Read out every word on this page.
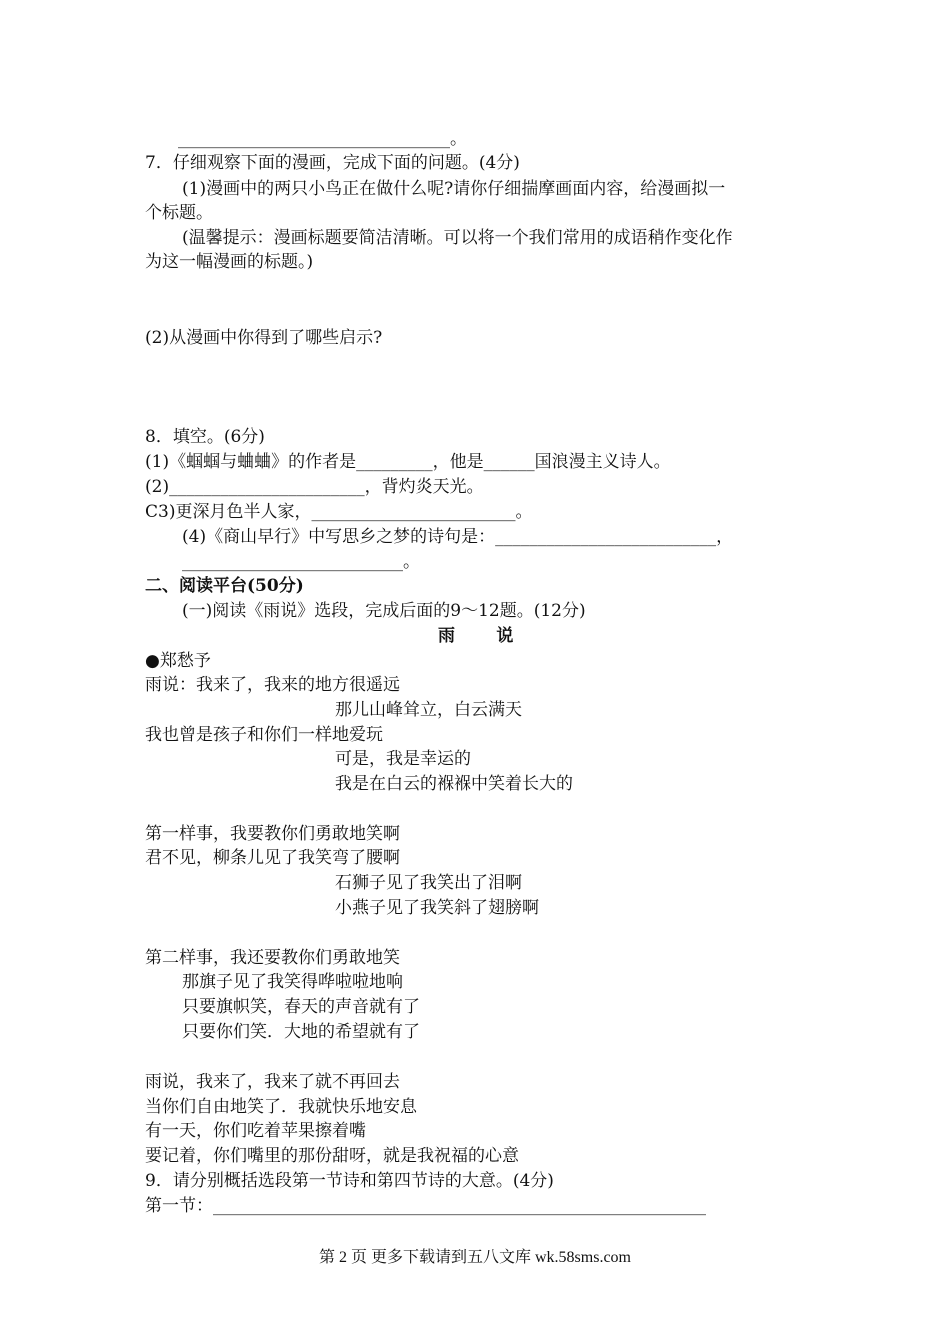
________________________________。
7．仔细观察下面的漫画，完成下面的问题。(4分)
(1)漫画中的两只小鸟正在做什么呢?请你仔细揣摩画面内容，给漫画拟一
个标题。
(温馨提示：漫画标题要简洁清晰。可以将一个我们常用的成语稍作变化作
为这一幅漫画的标题。)
(2)从漫画中你得到了哪些启示?
8．填空。(6分)
(1)《蝈蝈与蛐蛐》的作者是_________，他是______国浪漫主义诗人。
(2)_______________________，背灼炎天光。
C3)更深月色半人家，________________________。
(4)《商山早行》中写思乡之梦的诗句是：__________________________，
__________________________。
二、阅读平台(50分)
(一)阅读《雨说》选段，完成后面的9～12题。(12分)
雨       说
●郑愁予
雨说：我来了，我来的地方很遥远
那儿山峰耸立，白云满天
我也曾是孩子和你们一样地爱玩
可是，我是幸运的
我是在白云的褓褓中笑着长大的
第一样事，我要教你们勇敢地笑啊
君不见，柳条儿见了我笑弯了腰啊
石狮子见了我笑出了泪啊
小燕子见了我笑斜了翅膀啊
第二样事，我还要教你们勇敢地笑
那旗子见了我笑得哗啦啦地响
只要旗帜笑，春天的声音就有了
只要你们笑．大地的希望就有了
雨说，我来了，我来了就不再回去
当你们自由地笑了．我就快乐地安息
有一天，你们吃着苹果擦着嘴
要记着，你们嘴里的那份甜呀，就是我祝福的心意
9．请分别概括选段第一节诗和第四节诗的大意。(4分)
第一节：__________________________________________________________
第 2 页 更多下载请到五八文库 wk.58sms.com
